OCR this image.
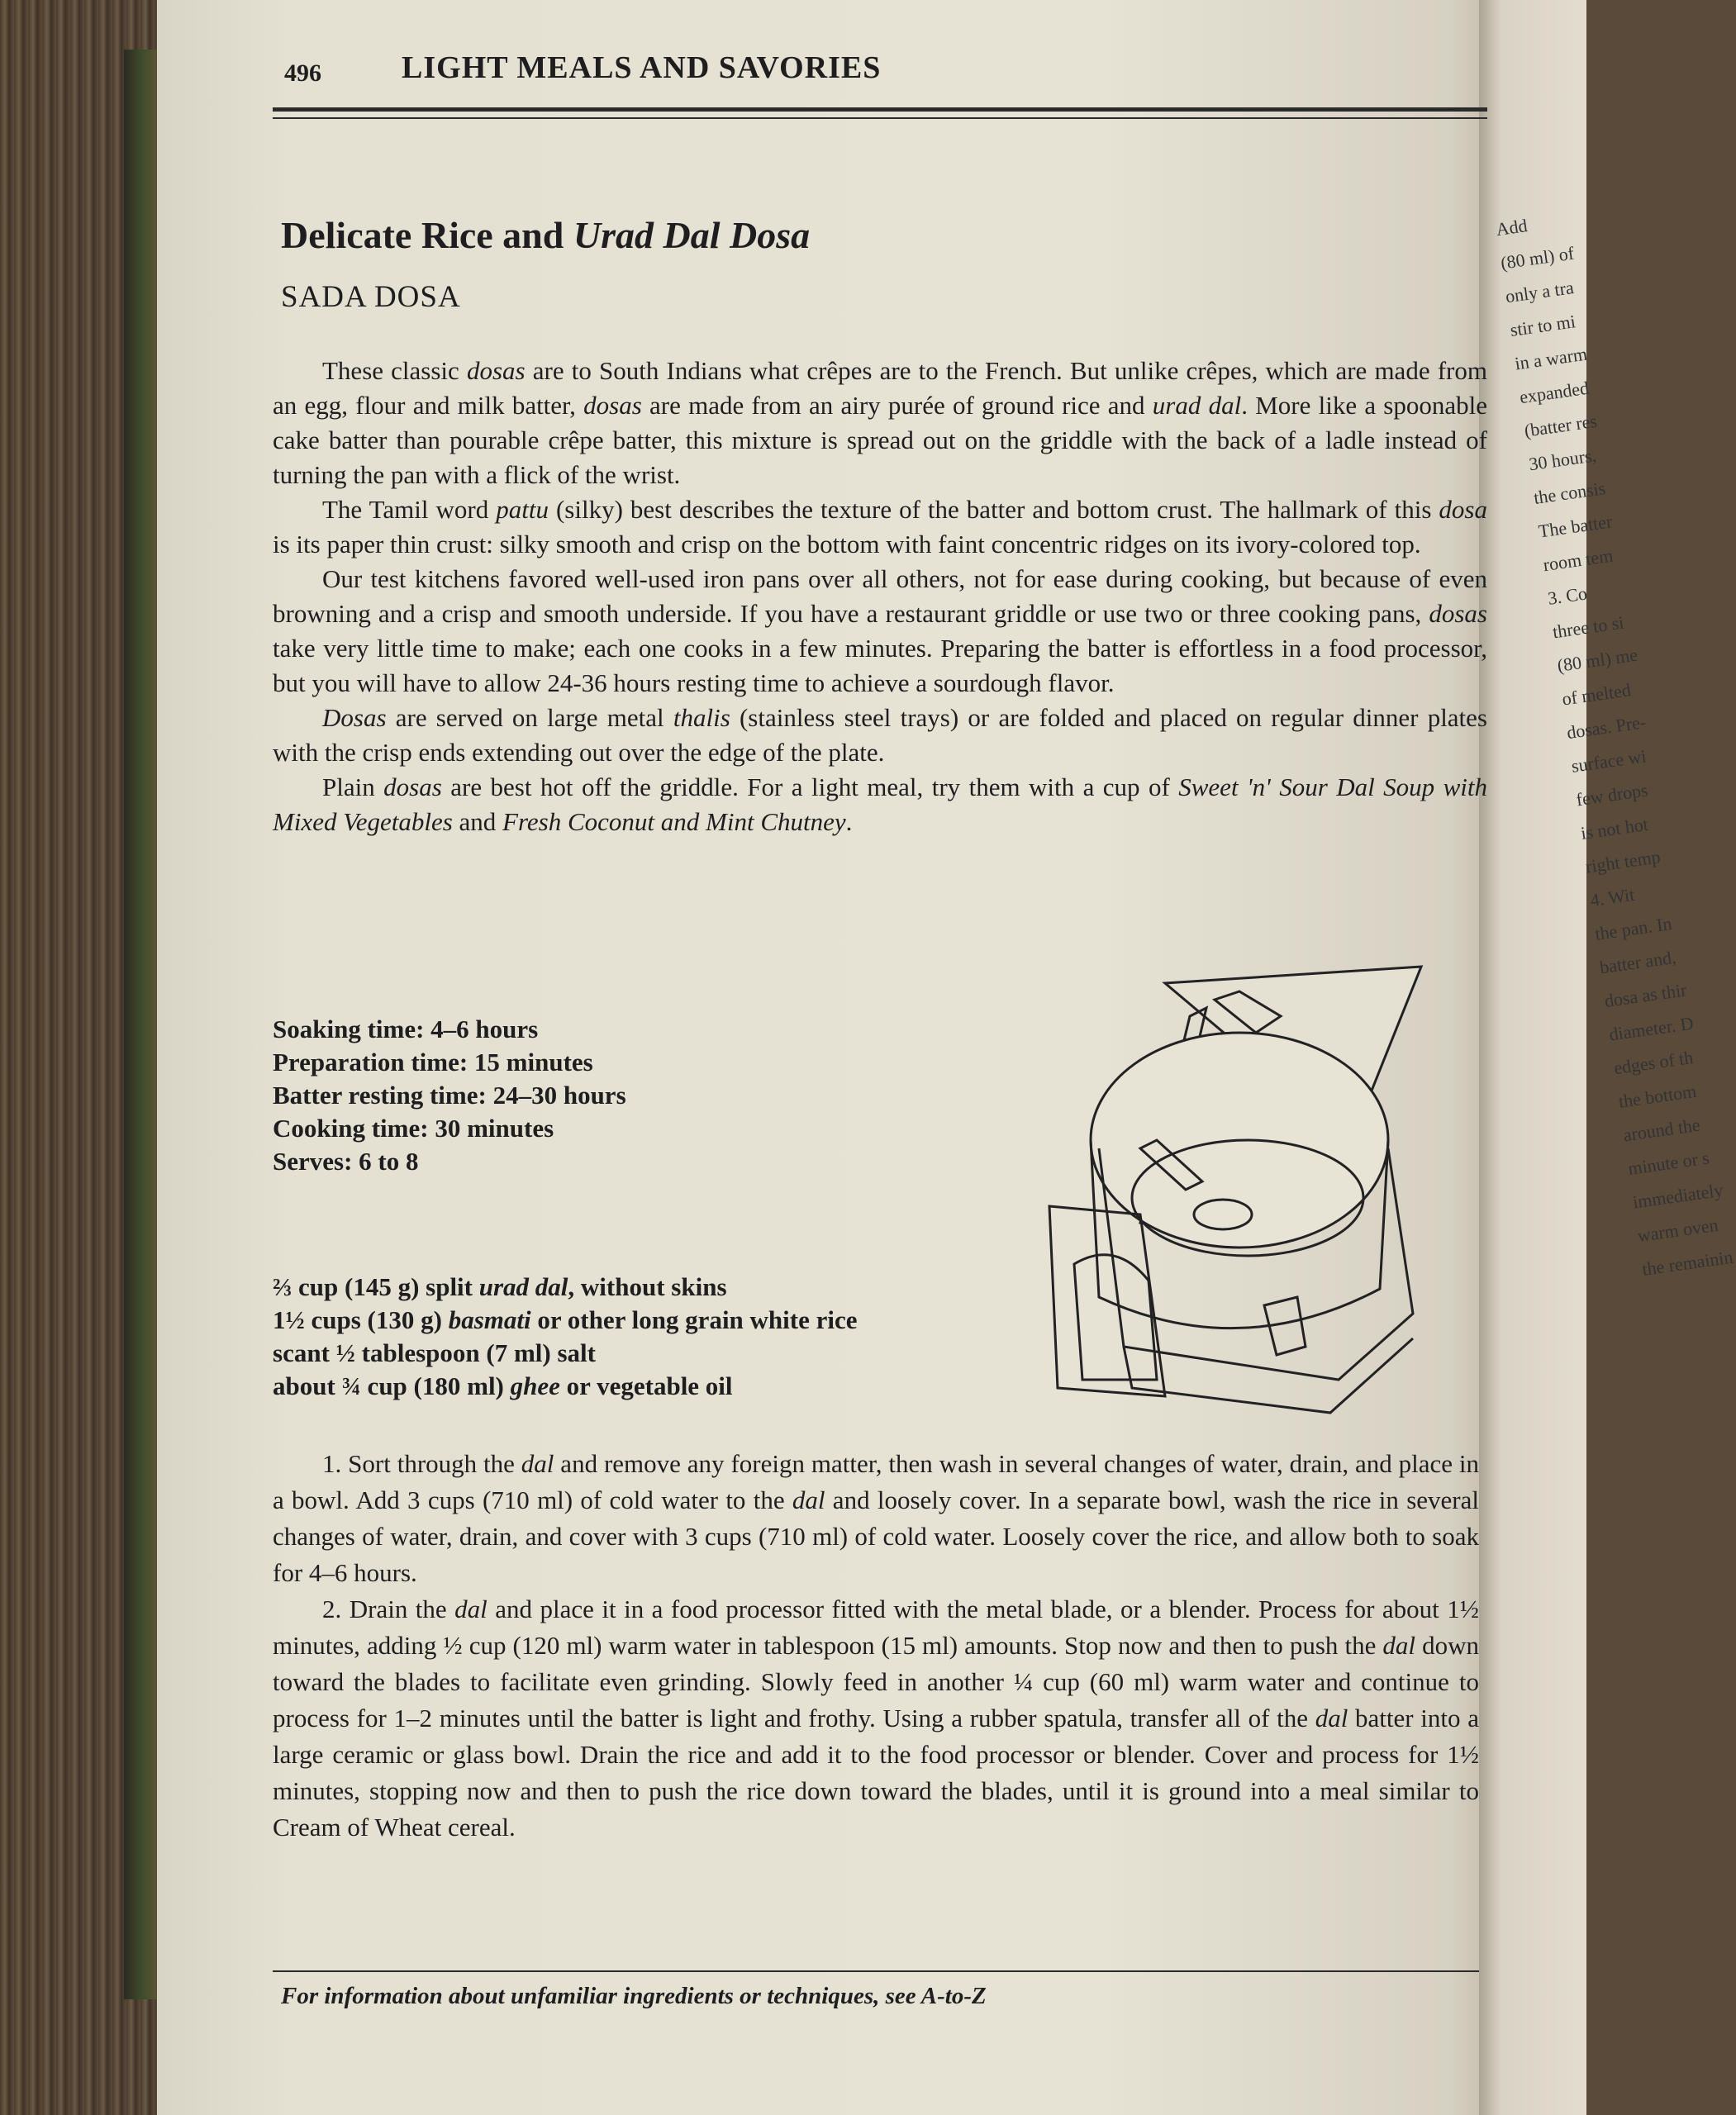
Add
(80 ml) of
only a tra
stir to mi
in a warm
expanded
(batter res
30 hours,
the consis
The batter
room tem
3. Co
three to si
(80 ml) me
of melted
dosas. Pre-
surface wi
few drops
is not hot
right temp
4. Wit
the pan. In
batter and,
dosa as thir
diameter. D
edges of th
the bottom
around the
minute or s
immediately
warm oven
the remainin
496	LIGHT MEALS AND SAVORIES
Delicate Rice and Urad Dal Dosa
SADA DOSA

These classic dosas are to South Indians what crêpes are to the French. But unlike crêpes, which are made from an egg, flour and milk batter, dosas are made from an airy purée of ground rice and urad dal. More like a spoonable cake batter than pourable crêpe batter, this mixture is spread out on the griddle with the back of a ladle instead of turning the pan with a flick of the wrist.

The Tamil word pattu (silky) best describes the texture of the batter and bottom crust. The hallmark of this dosa is its paper thin crust: silky smooth and crisp on the bottom with faint concentric ridges on its ivory-colored top.

Our test kitchens favored well-used iron pans over all others, not for ease during cooking, but because of even browning and a crisp and smooth underside. If you have a restaurant griddle or use two or three cooking pans, dosas take very little time to make; each one cooks in a few minutes. Preparing the batter is effortless in a food processor, but you will have to allow 24-36 hours resting time to achieve a sourdough flavor.

Dosas are served on large metal thalis (stainless steel trays) or are folded and placed on regular dinner plates with the crisp ends extending out over the edge of the plate.

Plain dosas are best hot off the griddle. For a light meal, try them with a cup of Sweet 'n' Sour Dal Soup with Mixed Vegetables and Fresh Coconut and Mint Chutney.

Soaking time: 4–6 hours
Preparation time: 15 minutes
Batter resting time: 24–30 hours
Cooking time: 30 minutes
Serves: 6 to 8
⅔ cup (145 g) split urad dal, without skins
1½ cups (130 g) basmati or other long grain white rice
scant ½ tablespoon (7 ml) salt
about ¾ cup (180 ml) ghee or vegetable oil

1. Sort through the dal and remove any foreign matter, then wash in several changes of water, drain, and place in a bowl. Add 3 cups (710 ml) of cold water to the dal and loosely cover. In a separate bowl, wash the rice in several changes of water, drain, and cover with 3 cups (710 ml) of cold water. Loosely cover the rice, and allow both to soak for 4–6 hours.

2. Drain the dal and place it in a food processor fitted with the metal blade, or a blender. Process for about 1½ minutes, adding ½ cup (120 ml) warm water in tablespoon (15 ml) amounts. Stop now and then to push the dal down toward the blades to facilitate even grinding. Slowly feed in another ¼ cup (60 ml) warm water and continue to process for 1–2 minutes until the batter is light and frothy. Using a rubber spatula, transfer all of the dal batter into a large ceramic or glass bowl. Drain the rice and add it to the food processor or blender. Cover and process for 1½ minutes, stopping now and then to push the rice down toward the blades, until it is ground into a meal similar to Cream of Wheat cereal.

For information about unfamiliar ingredients or techniques, see A-to-Z
